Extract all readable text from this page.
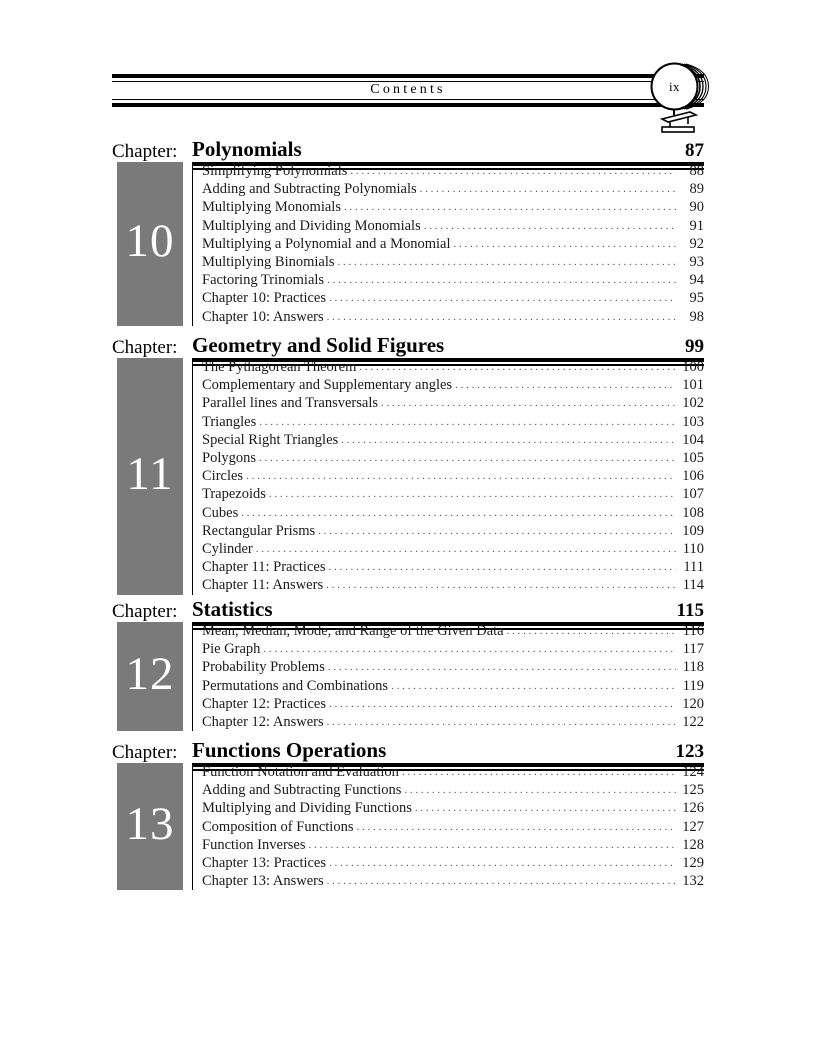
Contents	ix
Chapter: Polynomials	87
10
Simplifying Polynomials . . .	88
Adding and Subtracting Polynomials . . .	89
Multiplying Monomials . . .	90
Multiplying and Dividing Monomials . . .	91
Multiplying a Polynomial and a Monomial . . .	92
Multiplying Binomials . . .	93
Factoring Trinomials . . .	94
Chapter 10: Practices . . .	95
Chapter 10: Answers . . .	98
Chapter: Geometry and Solid Figures	99
11
The Pythagorean Theorem . . .	100
Complementary and Supplementary angles . . .	101
Parallel lines and Transversals . . .	102
Triangles . . .	103
Special Right Triangles . . .	104
Polygons . . .	105
Circles . . .	106
Trapezoids . . .	107
Cubes . . .	108
Rectangular Prisms . . .	109
Cylinder . . .	110
Chapter 11: Practices . . .	111
Chapter 11: Answers . . .	114
Chapter: Statistics	115
12
Mean, Median, Mode, and Range of the Given Data . . .	116
Pie Graph . . .	117
Probability Problems . . .	118
Permutations and Combinations . . .	119
Chapter 12: Practices . . .	120
Chapter 12: Answers . . .	122
Chapter: Functions Operations	123
13
Function Notation and Evaluation . . .	124
Adding and Subtracting Functions . . .	125
Multiplying and Dividing Functions . . .	126
Composition of Functions . . .	127
Function Inverses . . .	128
Chapter 13: Practices . . .	129
Chapter 13: Answers . . .	132
